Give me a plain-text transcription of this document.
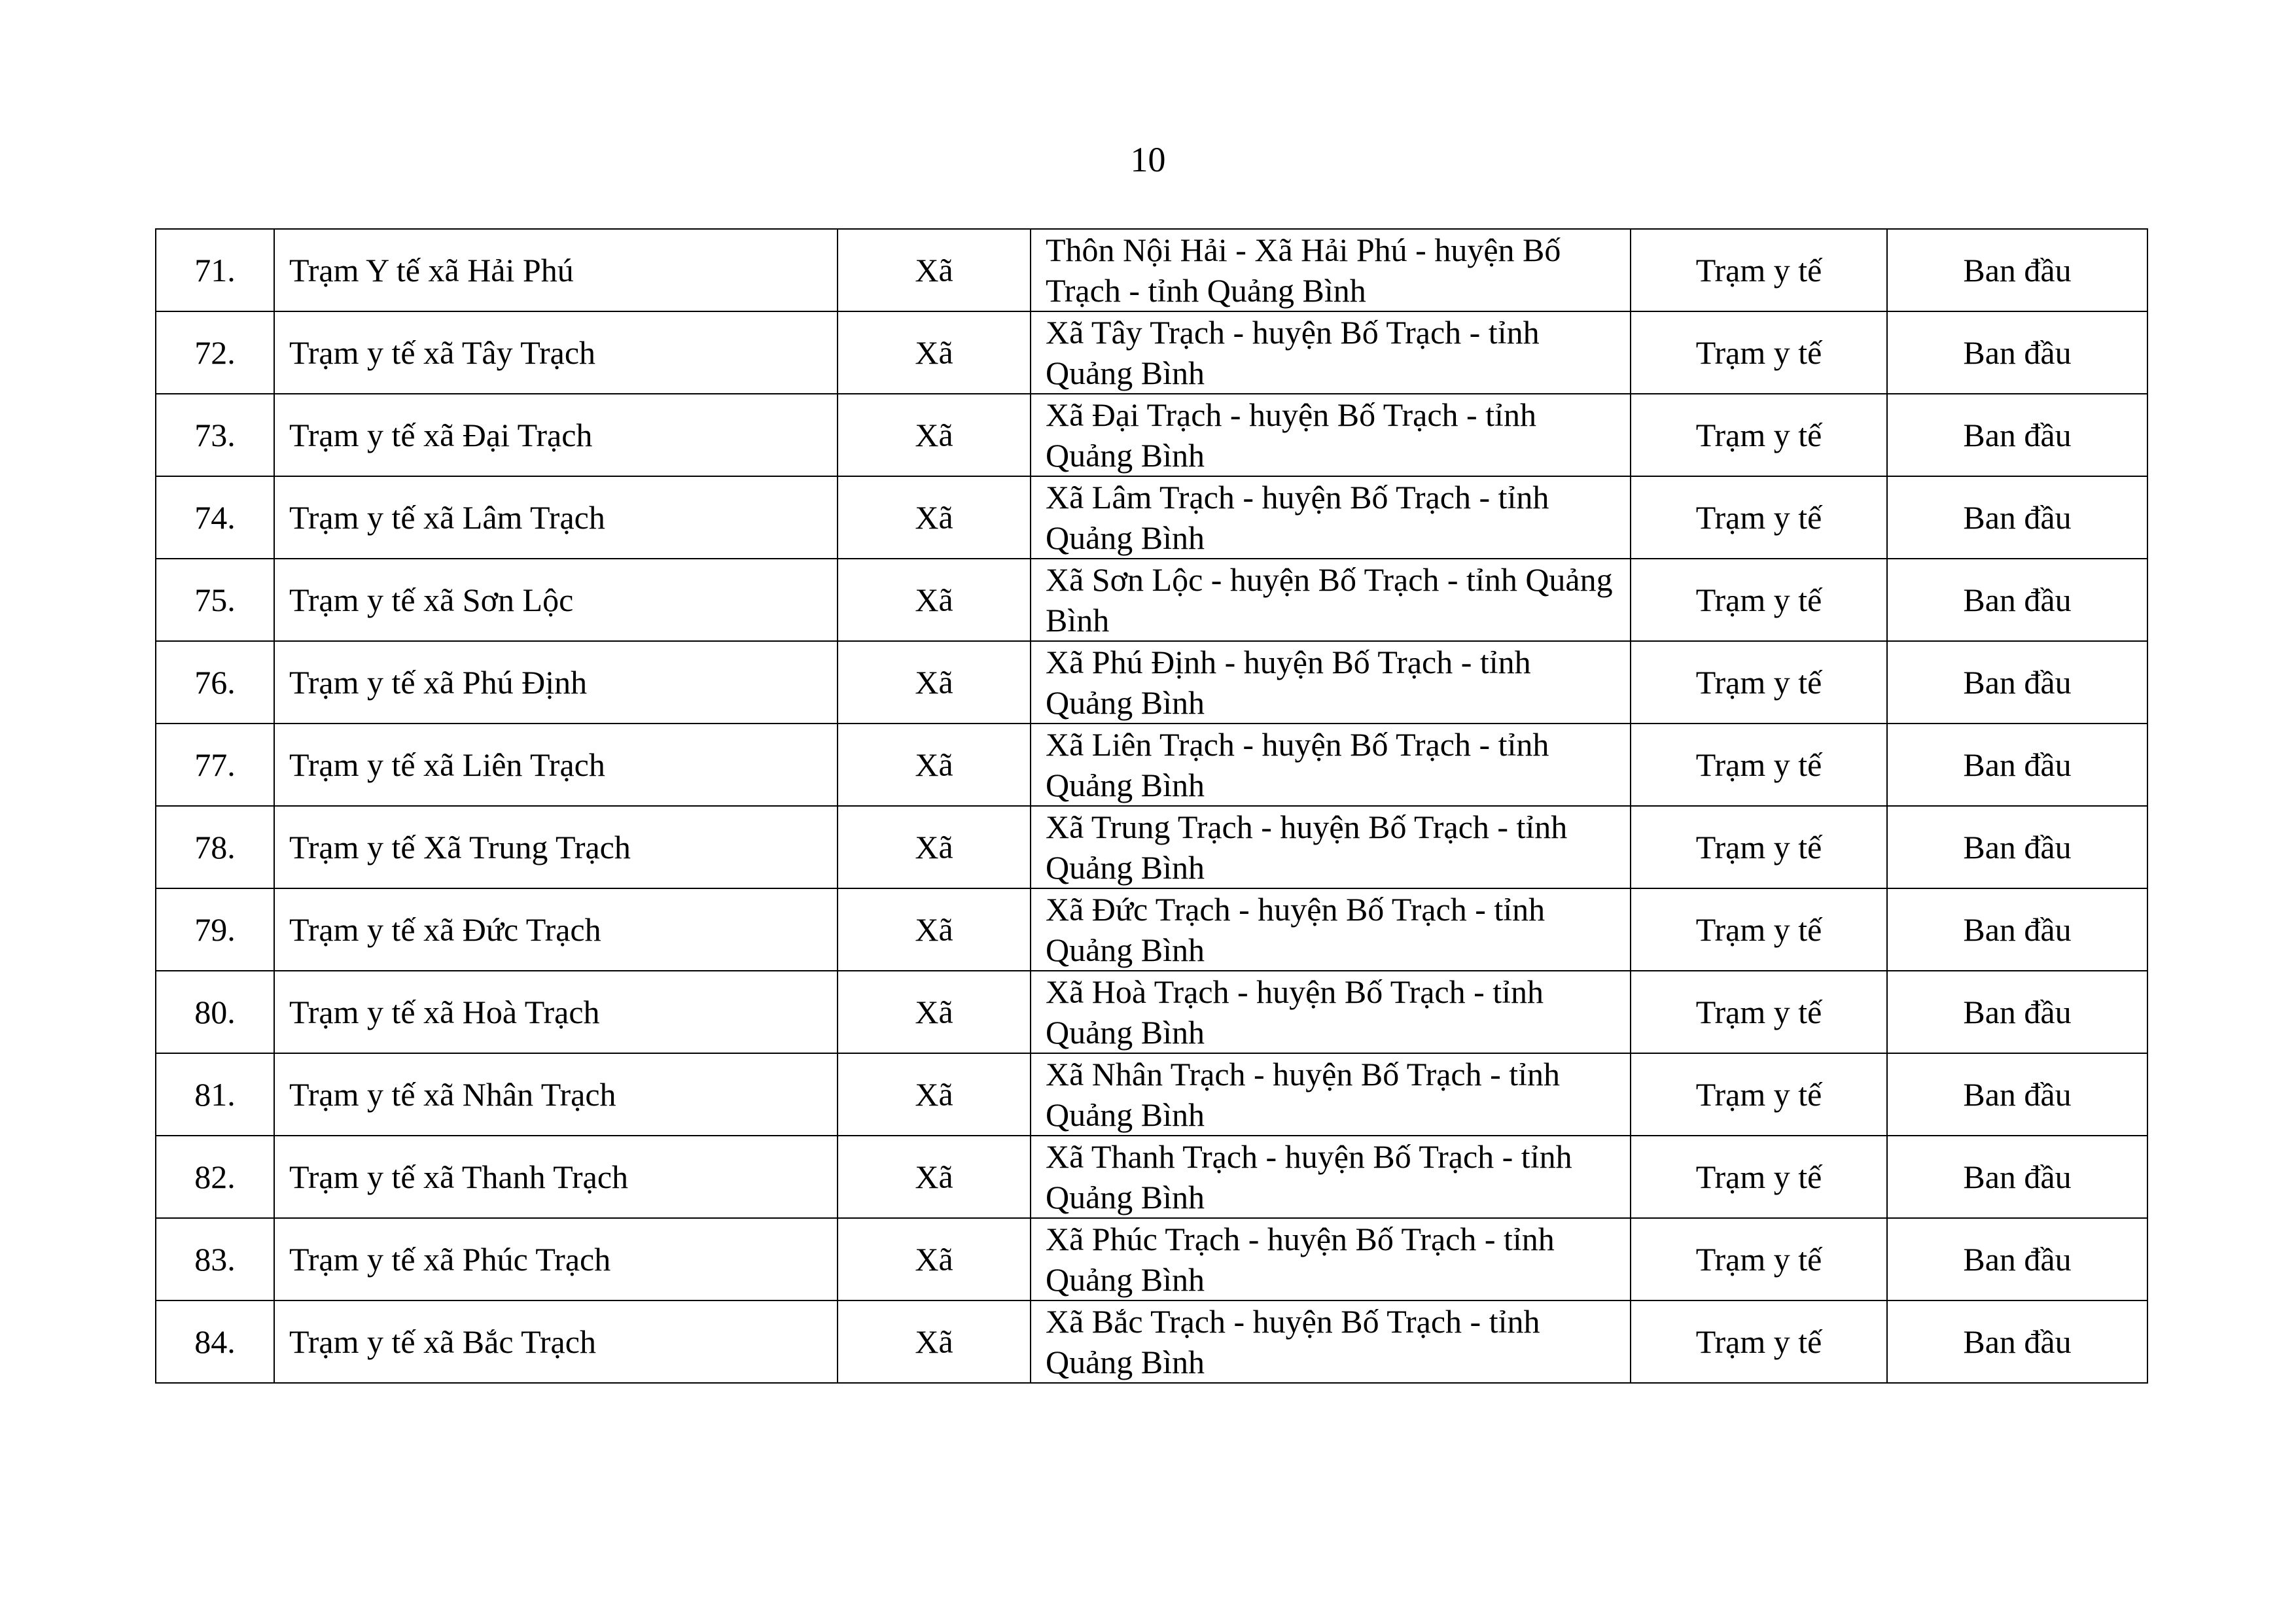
10
71.	Trạm Y tế xã Hải Phú	Xã	Thôn Nội Hải - Xã Hải Phú - huyện Bố Trạch - tỉnh Quảng Bình	Trạm y tế	Ban đầu
72.	Trạm y tế xã Tây Trạch	Xã	Xã Tây Trạch - huyện Bố Trạch - tỉnh Quảng Bình	Trạm y tế	Ban đầu
73.	Trạm y tế xã Đại Trạch	Xã	Xã Đại Trạch - huyện Bố Trạch - tỉnh Quảng Bình	Trạm y tế	Ban đầu
74.	Trạm y tế xã Lâm Trạch	Xã	Xã Lâm Trạch - huyện Bố Trạch - tỉnh Quảng Bình	Trạm y tế	Ban đầu
75.	Trạm y tế xã Sơn Lộc	Xã	Xã Sơn Lộc - huyện Bố Trạch - tỉnh Quảng Bình	Trạm y tế	Ban đầu
76.	Trạm y tế xã Phú Định	Xã	Xã Phú Định - huyện Bố Trạch - tỉnh Quảng Bình	Trạm y tế	Ban đầu
77.	Trạm y tế xã Liên Trạch	Xã	Xã Liên Trạch - huyện Bố Trạch - tỉnh Quảng Bình	Trạm y tế	Ban đầu
78.	Trạm y tế Xã Trung Trạch	Xã	Xã Trung Trạch - huyện Bố Trạch - tỉnh Quảng Bình	Trạm y tế	Ban đầu
79.	Trạm y tế xã Đức Trạch	Xã	Xã Đức Trạch - huyện Bố Trạch - tỉnh Quảng Bình	Trạm y tế	Ban đầu
80.	Trạm y tế xã Hoà Trạch	Xã	Xã Hoà Trạch - huyện Bố Trạch - tỉnh Quảng Bình	Trạm y tế	Ban đầu
81.	Trạm y tế xã Nhân Trạch	Xã	Xã Nhân Trạch - huyện Bố Trạch - tỉnh Quảng Bình	Trạm y tế	Ban đầu
82.	Trạm y tế xã Thanh Trạch	Xã	Xã Thanh Trạch - huyện Bố Trạch - tỉnh Quảng Bình	Trạm y tế	Ban đầu
83.	Trạm y tế xã Phúc Trạch	Xã	Xã Phúc Trạch - huyện Bố Trạch - tỉnh Quảng Bình	Trạm y tế	Ban đầu
84.	Trạm y tế xã Bắc Trạch	Xã	Xã Bắc Trạch - huyện Bố Trạch - tỉnh Quảng Bình	Trạm y tế	Ban đầu
